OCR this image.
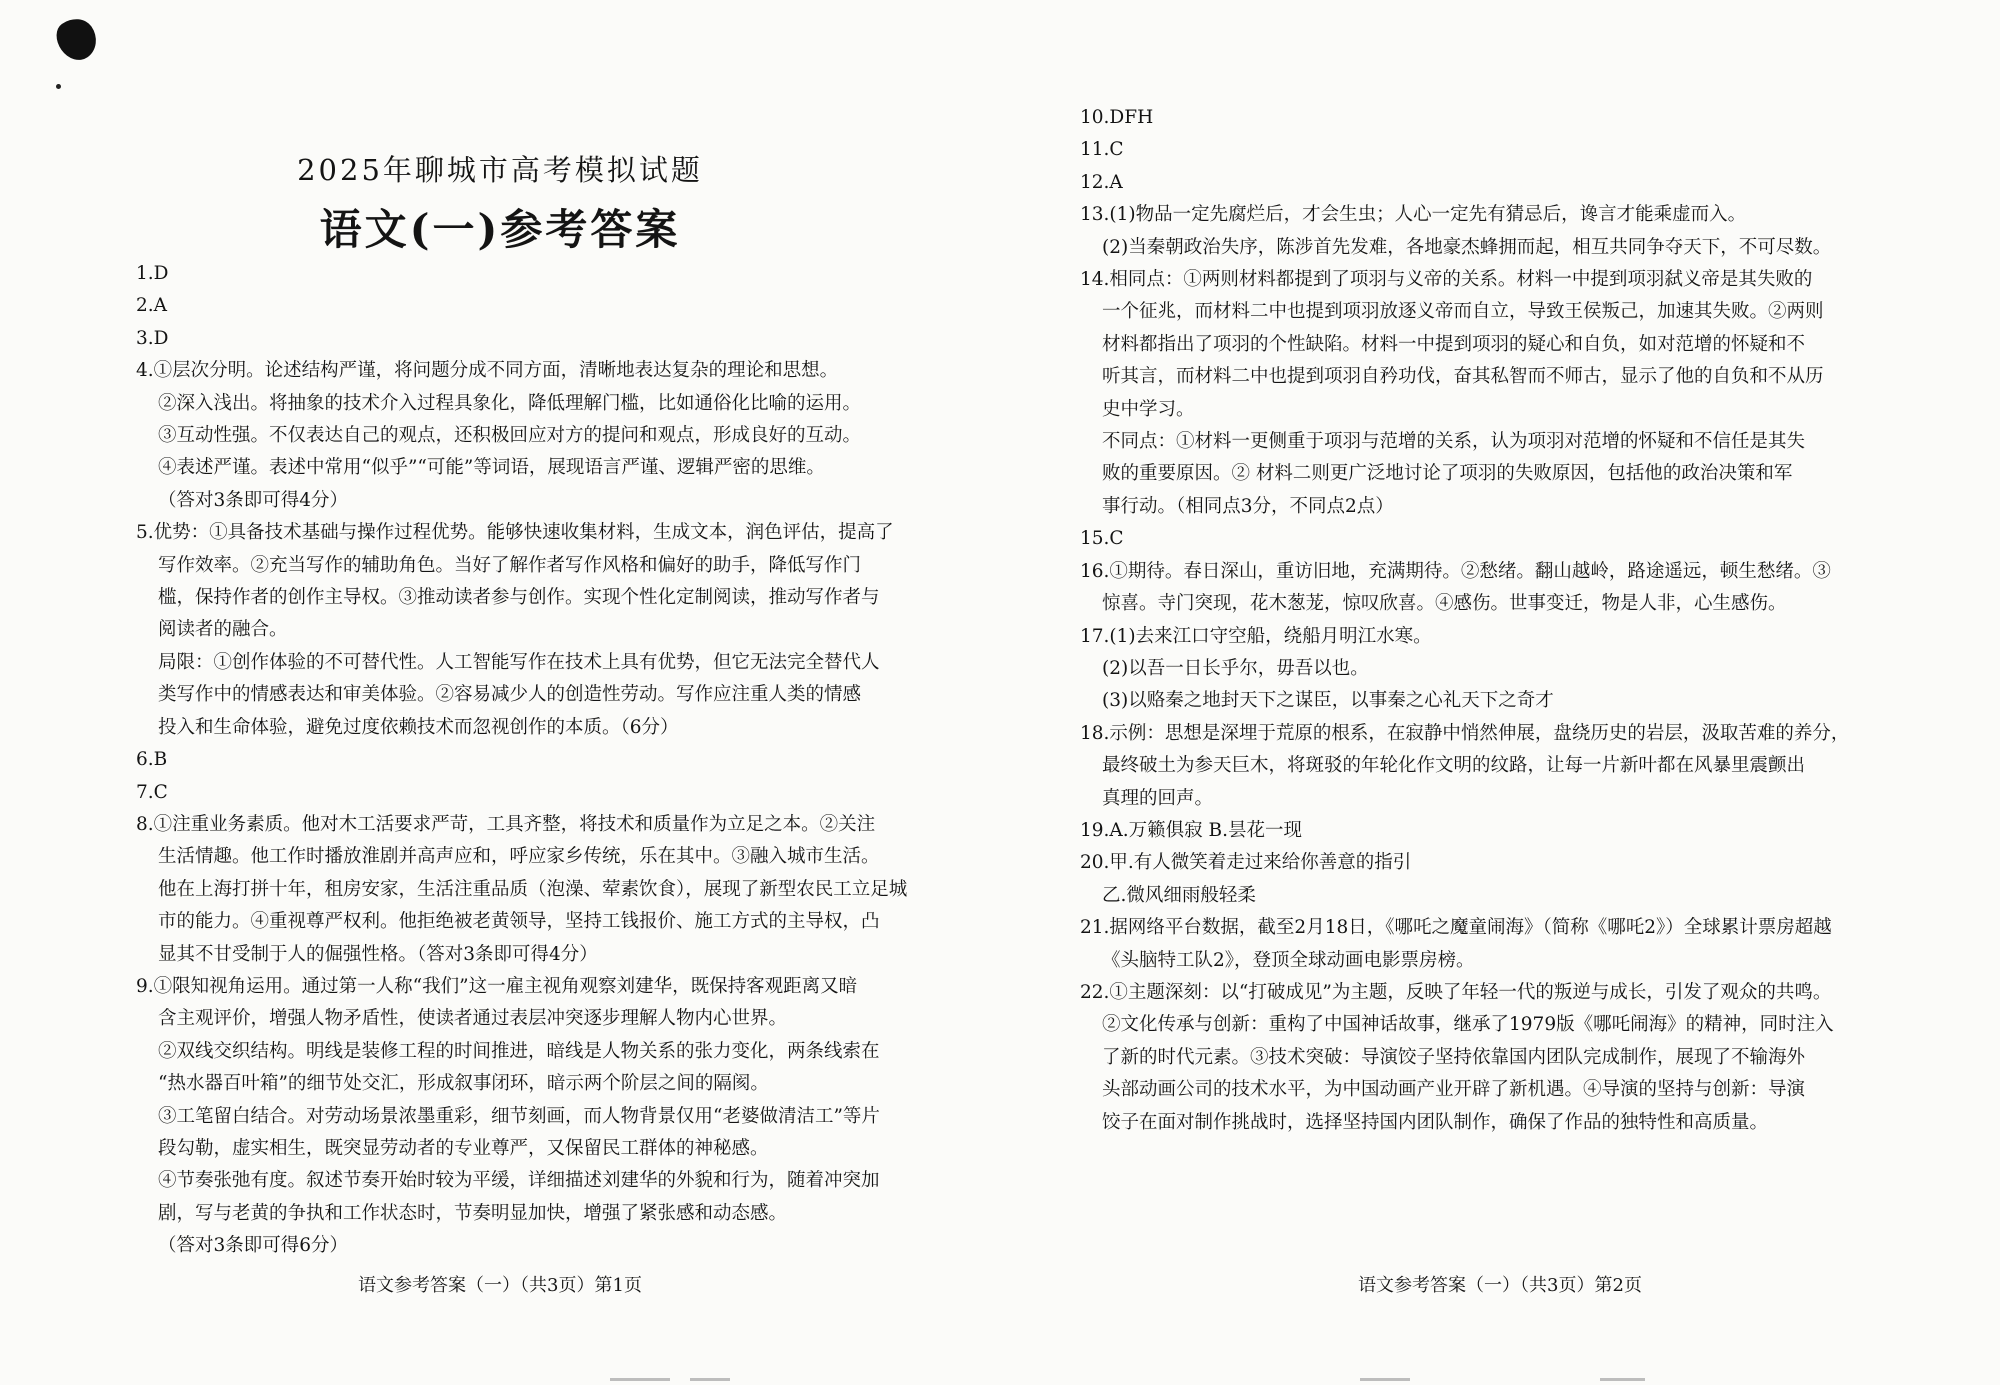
2025年聊城市高考模拟试题
语文(一)参考答案
1.D
2.A
3.D
4.①层次分明。论述结构严谨，将问题分成不同方面，清晰地表达复杂的理论和思想。
②深入浅出。将抽象的技术介入过程具象化，降低理解门槛，比如通俗化比喻的运用。
③互动性强。不仅表达自己的观点，还积极回应对方的提问和观点，形成良好的互动。
④表述严谨。表述中常用“似乎”“可能”等词语，展现语言严谨、逻辑严密的思维。
（答对3条即可得4分）
5.优势：①具备技术基础与操作过程优势。能够快速收集材料，生成文本，润色评估，提高了
写作效率。②充当写作的辅助角色。当好了解作者写作风格和偏好的助手，降低写作门
槛，保持作者的创作主导权。③推动读者参与创作。实现个性化定制阅读，推动写作者与
阅读者的融合。
局限：①创作体验的不可替代性。人工智能写作在技术上具有优势，但它无法完全替代人
类写作中的情感表达和审美体验。②容易减少人的创造性劳动。写作应注重人类的情感
投入和生命体验，避免过度依赖技术而忽视创作的本质。（6分）
6.B
7.C
8.①注重业务素质。他对木工活要求严苛，工具齐整，将技术和质量作为立足之本。②关注
生活情趣。他工作时播放淮剧并高声应和，呼应家乡传统，乐在其中。③融入城市生活。
他在上海打拼十年，租房安家，生活注重品质（泡澡、荤素饮食），展现了新型农民工立足城
市的能力。④重视尊严权利。他拒绝被老黄领导，坚持工钱报价、施工方式的主导权，凸
显其不甘受制于人的倔强性格。（答对3条即可得4分）
9.①限知视角运用。通过第一人称“我们”这一雇主视角观察刘建华，既保持客观距离又暗
含主观评价，增强人物矛盾性，使读者通过表层冲突逐步理解人物内心世界。
②双线交织结构。明线是装修工程的时间推进，暗线是人物关系的张力变化，两条线索在
“热水器百叶箱”的细节处交汇，形成叙事闭环，暗示两个阶层之间的隔阂。
③工笔留白结合。对劳动场景浓墨重彩，细节刻画，而人物背景仅用“老婆做清洁工”等片
段勾勒，虚实相生，既突显劳动者的专业尊严，又保留民工群体的神秘感。
④节奏张弛有度。叙述节奏开始时较为平缓，详细描述刘建华的外貌和行为，随着冲突加
剧，写与老黄的争执和工作状态时，节奏明显加快，增强了紧张感和动态感。
（答对3条即可得6分）
语文参考答案（一）（共3页）第1页
10.DFH
11.C
12.A
13.(1)物品一定先腐烂后，才会生虫；人心一定先有猜忌后，谗言才能乘虚而入。
(2)当秦朝政治失序，陈涉首先发难，各地豪杰蜂拥而起，相互共同争夺天下，不可尽数。
14.相同点：①两则材料都提到了项羽与义帝的关系。材料一中提到项羽弑义帝是其失败的
一个征兆，而材料二中也提到项羽放逐义帝而自立，导致王侯叛己，加速其失败。②两则
材料都指出了项羽的个性缺陷。材料一中提到项羽的疑心和自负，如对范增的怀疑和不
听其言，而材料二中也提到项羽自矜功伐，奋其私智而不师古，显示了他的自负和不从历
史中学习。
不同点：①材料一更侧重于项羽与范增的关系，认为项羽对范增的怀疑和不信任是其失
败的重要原因。② 材料二则更广泛地讨论了项羽的失败原因，包括他的政治决策和军
事行动。（相同点3分，不同点2点）
15.C
16.①期待。春日深山，重访旧地，充满期待。②愁绪。翻山越岭，路途遥远，顿生愁绪。③
惊喜。寺门突现，花木葱茏，惊叹欣喜。④感伤。世事变迁，物是人非，心生感伤。
17.(1)去来江口守空船，绕船月明江水寒。
(2)以吾一日长乎尔，毋吾以也。
(3)以赂秦之地封天下之谋臣，以事秦之心礼天下之奇才
18.示例：思想是深埋于荒原的根系，在寂静中悄然伸展，盘绕历史的岩层，汲取苦难的养分，
最终破土为参天巨木，将斑驳的年轮化作文明的纹路，让每一片新叶都在风暴里震颤出
真理的回声。
19.A.万籁俱寂 B.昙花一现
20.甲.有人微笑着走过来给你善意的指引
乙.微风细雨般轻柔
21.据网络平台数据，截至2月18日，《哪吒之魔童闹海》（简称《哪吒2》）全球累计票房超越
《头脑特工队2》，登顶全球动画电影票房榜。
22.①主题深刻：以“打破成见”为主题，反映了年轻一代的叛逆与成长，引发了观众的共鸣。
②文化传承与创新：重构了中国神话故事，继承了1979版《哪吒闹海》的精神，同时注入
了新的时代元素。③技术突破：导演饺子坚持依靠国内团队完成制作，展现了不输海外
头部动画公司的技术水平，为中国动画产业开辟了新机遇。④导演的坚持与创新：导演
饺子在面对制作挑战时，选择坚持国内团队制作，确保了作品的独特性和高质量。
语文参考答案（一）（共3页）第2页
